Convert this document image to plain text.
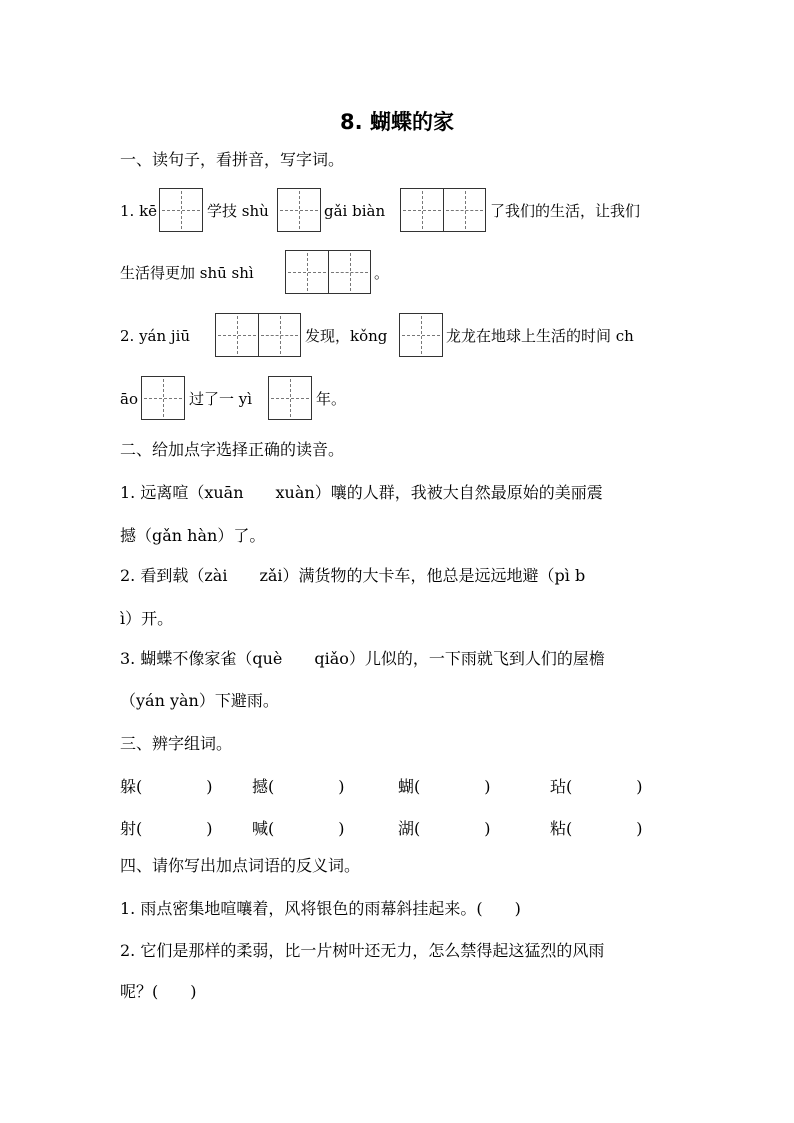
8. 蝴蝶的家
一、读句子，看拼音，写字词。
1. kē	学技 shù	gǎi biàn	了我们的生活，让我们
生活得更加 shū shì	。
2. yán jiū	发现，kǒng	龙龙在地球上生活的时间 ch
āo	过了一 yì	年。
二、给加点字选择正确的读音。
1. 远离喧（xuān　　xuàn）嚷的人群，我被大自然最原始的美丽震
撼（gǎn hàn）了。
2. 看到载（zài　　zǎi）满货物的大卡车，他总是远远地避（pì b
ì）开。
3. 蝴蝶不像家雀（què　　qiǎo）儿似的，一下雨就飞到人们的屋檐
（yán yàn）下避雨。
三、辨字组词。
躲(　　　　) 撼(　　　　)	蝴(　　　　)	玷(　　　　)
射(　　　　) 喊(　　　　)	湖(　　　　)	粘(　　　　)
四、请你写出加点词语的反义词。
1. 雨点密集地喧嚷着，风将银色的雨幕斜挂起来。(　　)
2. 它们是那样的柔弱，比一片树叶还无力，怎么禁得起这猛烈的风雨
呢？(　　)
